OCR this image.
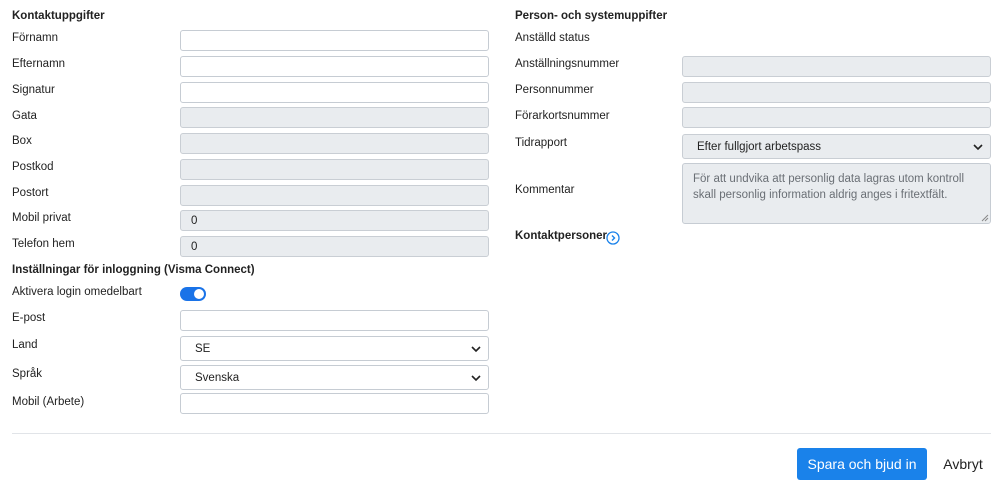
Kontaktuppgifter
Förnamn
Efternamn
Signatur
Gata
Box
Postkod
Postort
Mobil privat	0
Telefon hem	0
Inställningar för inloggning (Visma Connect)
Aktivera login omedelbart
E-post
Land	SE
Språk	Svenska
Mobil (Arbete)
Person- och systemuppifter
Anställd status
Anställningsnummer
Personnummer
Förarkortsnummer
Tidrapport	Efter fullgjort arbetspass
Kommentar
För att undvika att personlig data lagras utom kontroll skall personlig information aldrig anges i fritextfält.
Kontaktpersoner
Spara och bjud in	Avbryt
